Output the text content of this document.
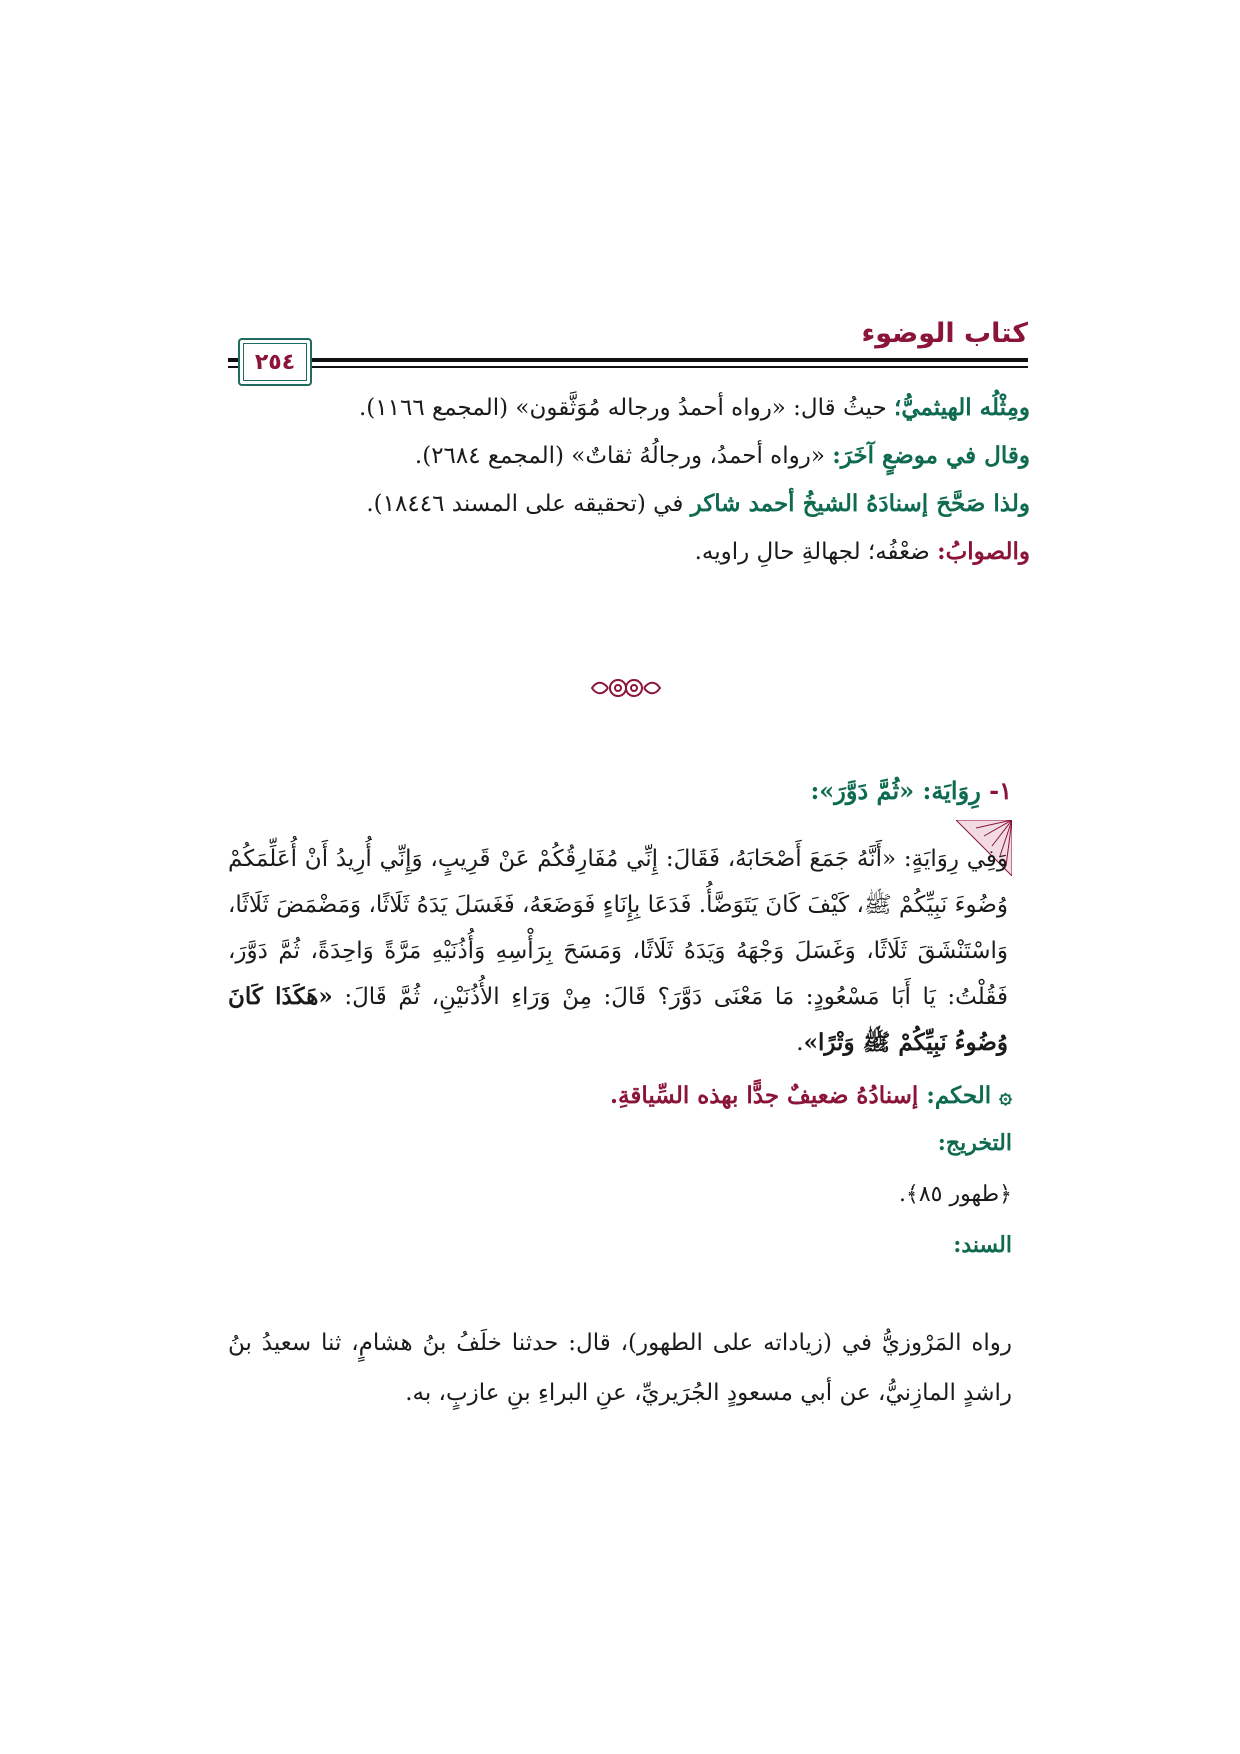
كتاب الوضوء
٢٥٤
ومِثْلُه الهيثميُّ؛ حيثُ قال: «رواه أحمدُ ورجاله مُوَثَّقون» (المجمع ١١٦٦).
وقال في موضعٍ آخَرَ: «رواه أحمدُ، ورجالُهُ ثقاتٌ» (المجمع ٢٦٨٤).
ولذا صَحَّحَ إسنادَهُ الشيخُ أحمد شاكر في (تحقيقه على المسند ١٨٤٤٦).
والصوابُ: ضعْفُه؛ لجهالةِ حالِ راويه.
١- رِوَايَة: «ثُمَّ دَوَّرَ»:
وَفِي رِوَايَةٍ: «أَنَّهُ جَمَعَ أَصْحَابَهُ، فَقَالَ: إِنِّي مُفَارِقُكُمْ عَنْ قَرِيبٍ، وَإِنِّي أُرِيدُ أَنْ أُعَلِّمَكُمْ وُضُوءَ نَبِيِّكُمْ ﷺ، كَيْفَ كَانَ يَتَوَضَّأُ. فَدَعَا بِإِنَاءٍ فَوَضَعَهُ، فَغَسَلَ يَدَهُ ثَلَاثًا، وَمَضْمَضَ ثَلَاثًا، وَاسْتَنْشَقَ ثَلَاثًا، وَغَسَلَ وَجْهَهُ وَيَدَهُ ثَلَاثًا، وَمَسَحَ بِرَأْسِهِ وَأُذُنَيْهِ مَرَّةً وَاحِدَةً، ثُمَّ دَوَّرَ، فَقُلْتُ: يَا أَبَا مَسْعُودٍ: مَا مَعْنَى دَوَّرَ؟ قَالَ: مِنْ وَرَاءِ الأُذُنَيْنِ، ثُمَّ قَالَ: «هَكَذَا كَانَ وُضُوءُ نَبِيِّكُمْ ﷺ وَتْرًا».
۞ الحكم: إسنادُهُ ضعيفٌ جدًّا بهذه السِّياقةِ.
التخريج:
﴿طهور ٨٥﴾.
السند:
رواه المَرْوزيُّ في (زياداته على الطهور)، قال: حدثنا خلَفُ بنُ هشامٍ، ثنا سعيدُ بنُ راشدٍ المازِنيُّ، عن أبي مسعودٍ الجُرَيريِّ، عنِ البراءِ بنِ عازبٍ، به.
